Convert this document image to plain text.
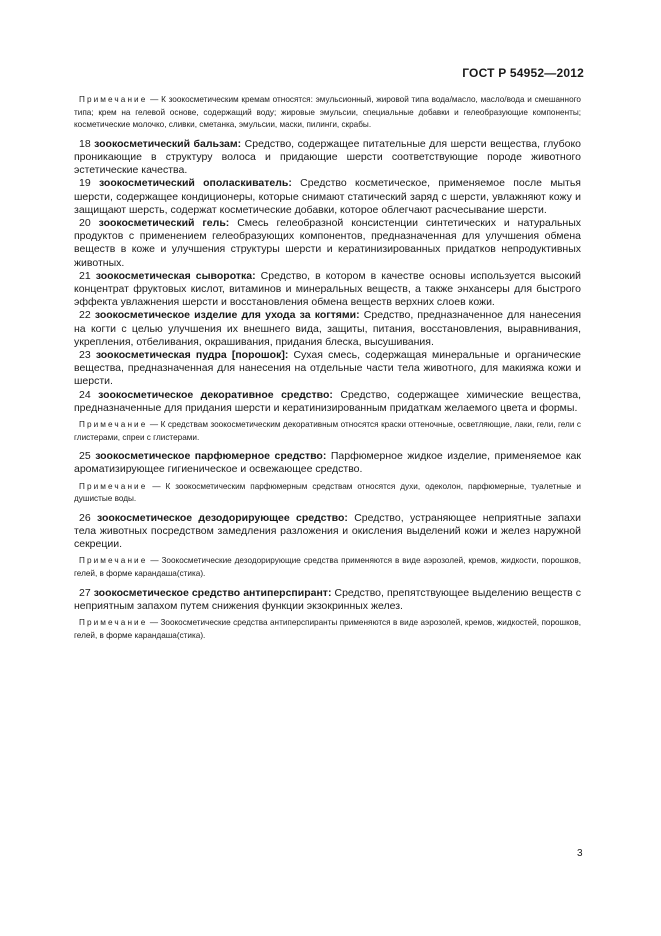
ГОСТ Р 54952—2012

Примечание — К зоокосметическим кремам относятся: эмульсионный, жировой типа вода/масло, масло/вода и смешанного типа; крем на гелевой основе, содержащий воду; жировые эмульсии, специальные добавки и гелеобразующие компоненты; косметические молочко, сливки, сметанка, эмульсии, маски, пилинги, скрабы.

18 зоокосметический бальзам: Средство, содержащее питательные для шерсти вещества, глубоко проникающие в структуру волоса и придающие шерсти соответствующие породе животного эстетические качества.

19 зоокосметический ополаскиватель: Средство косметическое, применяемое после мытья шерсти, содержащее кондиционеры, которые снимают статический заряд с шерсти, увлажняют кожу и защищают шерсть, содержат косметические добавки, которое облегчают расчесывание шерсти.

20 зоокосметический гель: Смесь гелеобразной консистенции синтетических и натуральных продуктов с применением гелеобразующих компонентов, предназначенная для улучшения обмена веществ в коже и улучшения структуры шерсти и кератинизированных придатков непродуктивных животных.

21 зоокосметическая сыворотка: Средство, в котором в качестве основы используется высокий концентрат фруктовых кислот, витаминов и минеральных веществ, а также энхансеры для быстрого эффекта увлажнения шерсти и восстановления обмена веществ верхних слоев кожи.

22 зоокосметическое изделие для ухода за когтями: Средство, предназначенное для нанесения на когти с целью улучшения их внешнего вида, защиты, питания, восстановления, выравнивания, укрепления, отбеливания, окрашивания, придания блеска, высушивания.

23 зоокосметическая пудра [порошок]: Сухая смесь, содержащая минеральные и органические вещества, предназначенная для нанесения на отдельные части тела животного, для макияжа кожи и шерсти.

24 зоокосметическое декоративное средство: Средство, содержащее химические вещества, предназначенные для придания шерсти и кератинизированным придаткам желаемого цвета и формы.

Примечание — К средствам зоокосметическим декоративным относятся краски оттеночные, осветляющие, лаки, гели, гели с глистерами, спреи с глистерами.

25 зоокосметическое парфюмерное средство: Парфюмерное жидкое изделие, применяемое как ароматизирующее гигиеническое и освежающее средство.

Примечание — К зоокосметическим парфюмерным средствам относятся духи, одеколон, парфюмерные, туалетные и душистые воды.

26 зоокосметическое дезодорирующее средство: Средство, устраняющее неприятные запахи тела животных посредством замедления разложения и окисления выделений кожи и желез наружной секреции.

Примечание — Зоокосметические дезодорирующие средства применяются в виде аэрозолей, кремов, жидкости, порошков, гелей, в форме карандаша(стика).

27 зоокосметическое средство антиперспирант: Средство, препятствующее выделению веществ с неприятным запахом путем снижения функции экзокринных желез.

Примечание — Зоокосметические средства антиперспиранты применяются в виде аэрозолей, кремов, жидкостей, порошков, гелей, в форме карандаша(стика).

3
